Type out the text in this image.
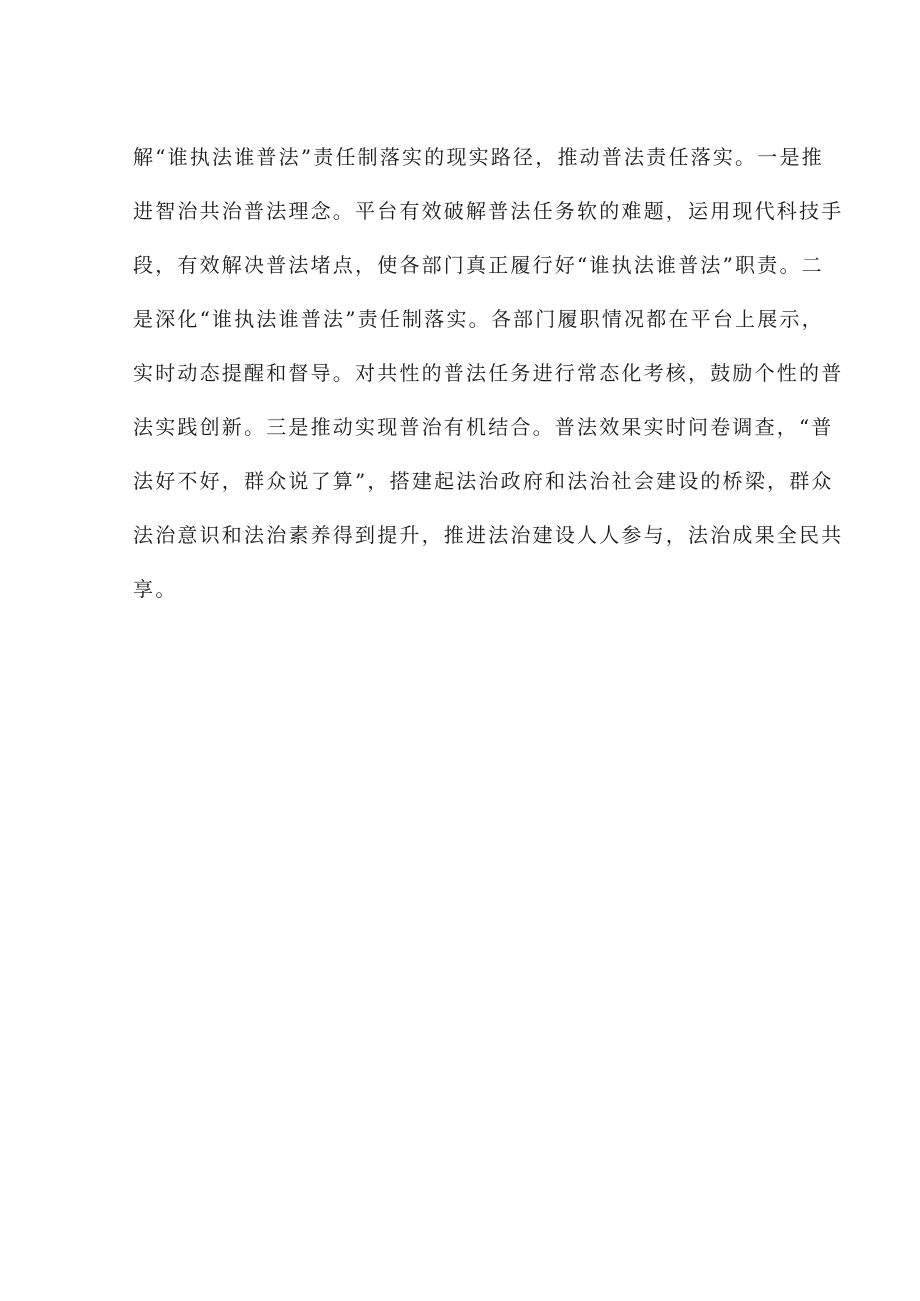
解“谁执法谁普法”责任制落实的现实路径，推动普法责任落实。一是推
进智治共治普法理念。平台有效破解普法任务软的难题，运用现代科技手
段，有效解决普法堵点，使各部门真正履行好“谁执法谁普法”职责。二
是深化“谁执法谁普法”责任制落实。各部门履职情况都在平台上展示，
实时动态提醒和督导。对共性的普法任务进行常态化考核，鼓励个性的普
法实践创新。三是推动实现普治有机结合。普法效果实时问卷调查，“普
法好不好，群众说了算”，搭建起法治政府和法治社会建设的桥梁，群众
法治意识和法治素养得到提升，推进法治建设人人参与，法治成果全民共
享。
